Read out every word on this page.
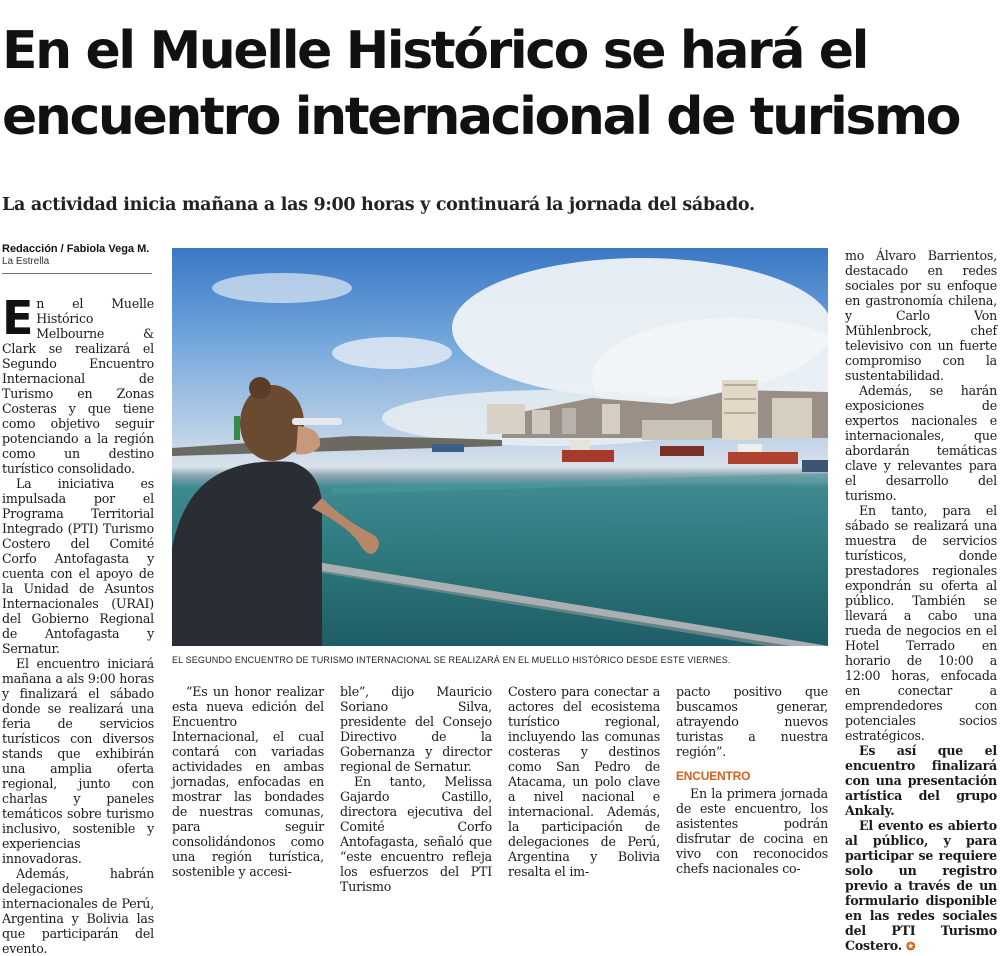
En el Muelle Histórico se hará el encuentro internacional de turismo
La actividad inicia mañana a las 9:00 horas y continuará la jornada del sábado.
Redacción / Fabiola Vega M.
La Estrella

En el Muelle Histórico Melbourne & Clark se realizará el Segundo Encuentro Internacional de Turismo en Zonas Costeras y que tiene como objetivo seguir potenciando a la región como un destino turístico consolidado.

La iniciativa es impulsada por el Programa Territorial Integrado (PTI) Turismo Costero del Comité Corfo Antofagasta y cuenta con el apoyo de la Unidad de Asuntos Internacionales (URAI) del Gobierno Regional de Antofagasta y Sernatur.

El encuentro iniciará mañana a als 9:00 horas y finalizará el sábado donde se realizará una feria de servicios turísticos con diversos stands que exhibirán una amplia oferta regional, junto con charlas y paneles temáticos sobre turismo inclusivo, sostenible y experiencias innovadoras.

Además, habrán delegaciones internacionales de Perú, Argentina y Bolivia las que participarán del evento.

EL SEGUNDO ENCUENTRO DE TURISMO INTERNACIONAL SE REALIZARÁ EN EL MUELLO HISTÓRICO DESDE ESTE VIERNES.

“Es un honor realizar esta nueva edición del Encuentro Internacional, el cual contará con variadas actividades en ambas jornadas, enfocadas en mostrar las bondades de nuestras comunas, para seguir consolidándonos como una región turística, sostenible y accesi-

ble”, dijo Mauricio Soriano Silva, presidente del Consejo Directivo de la Gobernanza y director regional de Sernatur.

En tanto, Melissa Gajardo Castillo, directora ejecutiva del Comité Corfo Antofagasta, señaló que “este encuentro refleja los esfuerzos del PTI Turismo

Costero para conectar a actores del ecosistema turístico regional, incluyendo las comunas costeras y destinos como San Pedro de Atacama, un polo clave a nivel nacional e internacional. Además, la participación de delegaciones de Perú, Argentina y Bolivia resalta el im-

pacto positivo que buscamos generar, atrayendo nuevos turistas a nuestra región”.

ENCUENTRO

En la primera jornada de este encuentro, los asistentes podrán disfrutar de cocina en vivo con reconocidos chefs nacionales co-

mo Álvaro Barrientos, destacado en redes sociales por su enfoque en gastronomía chilena, y Carlo Von Mühlenbrock, chef televisivo con un fuerte compromiso con la sustentabilidad.

Además, se harán exposiciones de expertos nacionales e internacionales, que abordarán temáticas clave y relevantes para el desarrollo del turismo.

En tanto, para el sábado se realizará una muestra de servicios turísticos, donde prestadores regionales expondrán su oferta al público. También se llevará a cabo una rueda de negocios en el Hotel Terrado en horario de 10:00 a 12:00 horas, enfocada en conectar a emprendedores con potenciales socios estratégicos.

Es así que el encuentro finalizará con una presentación artística del grupo Ankaly.

El evento es abierto al público, y para participar se requiere solo un registro previo a través de un formulario disponible en las redes sociales del PTI Turismo Costero. ✪
